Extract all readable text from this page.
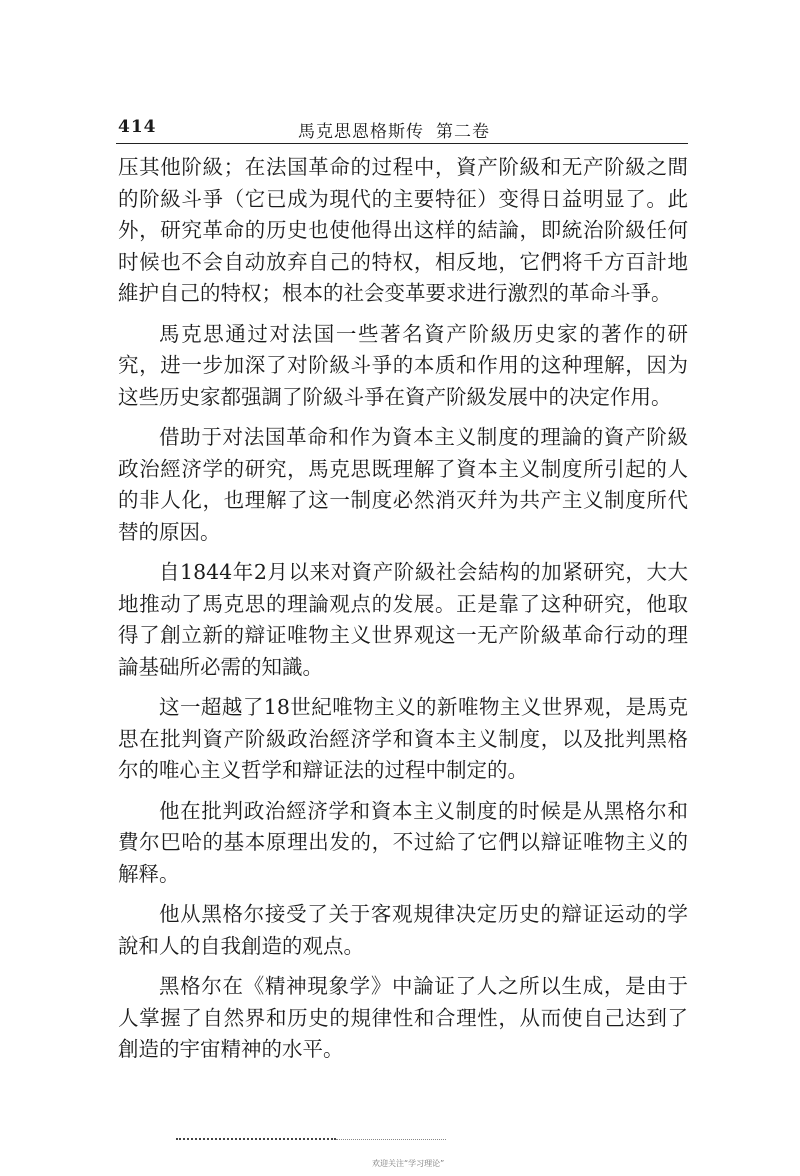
414	馬克思恩格斯传 第二卷

压其他阶級；在法国革命的过程中，資产阶級和无产阶級之間的阶級斗爭（它已成为現代的主要特征）变得日益明显了。此外，研究革命的历史也使他得出这样的結論，即統治阶級任何时候也不会自动放弃自己的特权，相反地，它們将千方百計地維护自己的特权；根本的社会变革要求进行激烈的革命斗爭。

馬克思通过对法国一些著名資产阶級历史家的著作的研究，进一步加深了对阶級斗爭的本质和作用的这种理解，因为这些历史家都强調了阶級斗爭在資产阶級发展中的决定作用。

借助于对法国革命和作为資本主义制度的理論的資产阶級政治經济学的研究，馬克思既理解了資本主义制度所引起的人的非人化，也理解了这一制度必然消灭幷为共产主义制度所代替的原因。

自1844年2月以来对資产阶級社会結构的加紧研究，大大地推动了馬克思的理論观点的发展。正是靠了这种研究，他取得了創立新的辯证唯物主义世界观这一无产阶級革命行动的理論基础所必需的知識。

这一超越了18世紀唯物主义的新唯物主义世界观，是馬克思在批判資产阶級政治經济学和資本主义制度，以及批判黑格尔的唯心主义哲学和辯证法的过程中制定的。

他在批判政治經济学和資本主义制度的时候是从黑格尔和費尔巴哈的基本原理出发的，不过給了它們以辯证唯物主义的解释。

他从黑格尔接受了关于客观規律决定历史的辯证运动的学說和人的自我創造的观点。

黑格尔在《精神現象学》中論证了人之所以生成，是由于人掌握了自然界和历史的規律性和合理性，从而使自己达到了創造的宇宙精神的水平。

欢迎关注“学习理论”
